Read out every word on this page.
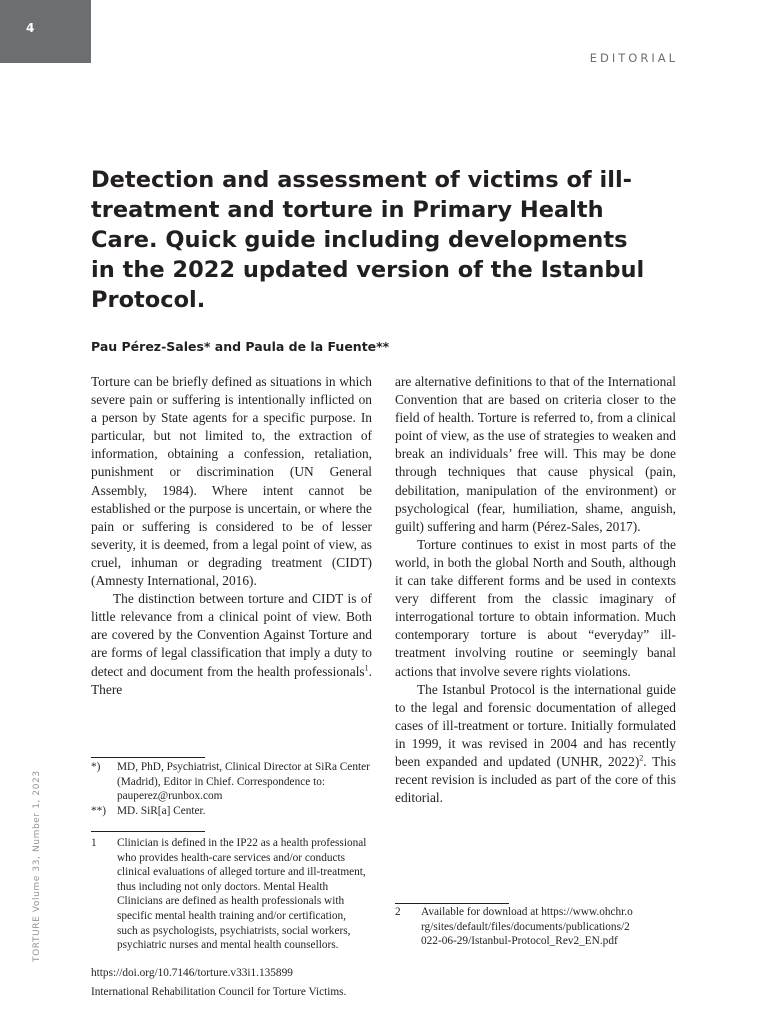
4
EDITORIAL
Detection and assessment of victims of ill-treatment and torture in Primary Health Care. Quick guide including developments in the 2022 updated version of the Istanbul Protocol.
Pau Pérez-Sales* and Paula de la Fuente**

Torture can be briefly defined as situations in which severe pain or suffering is intentionally inflicted on a person by State agents for a specific purpose. In particular, but not limited to, the extraction of information, obtaining a confession, retaliation, punishment or discrimination (UN General Assembly, 1984). Where intent cannot be established or the purpose is uncertain, or where the pain or suffering is considered to be of lesser severity, it is deemed, from a legal point of view, as cruel, inhuman or degrading treatment (CIDT) (Amnesty International, 2016).

The distinction between torture and CIDT is of little relevance from a clinical point of view. Both are covered by the Convention Against Torture and are forms of legal classification that imply a duty to detect and document from the health professionals$^1$. There

are alternative definitions to that of the International Convention that are based on criteria closer to the field of health. Torture is referred to, from a clinical point of view, as the use of strategies to weaken and break an individuals’ free will. This may be done through techniques that cause physical (pain, debilitation, manipulation of the environment) or psychological (fear, humiliation, shame, anguish, guilt) suffering and harm (Pérez-Sales, 2017).

Torture continues to exist in most parts of the world, in both the global North and South, although it can take different forms and be used in contexts very different from the classic imaginary of interrogational torture to obtain information. Much contemporary torture is about “everyday” ill-treatment involving routine or seemingly banal actions that involve severe rights violations.

The Istanbul Protocol is the international guide to the legal and forensic documentation of alleged cases of ill-treatment or torture. Initially formulated in 1999, it was revised in 2004 and has recently been expanded and updated (UNHR, 2022)$^2$. This recent revision is included as part of the core of this editorial.

*)	MD, PhD, Psychiatrist, Clinical Director at SiRa Center (Madrid), Editor in Chief. Correspondence to: pauperez@runbox.com
**) MD. SiR[a] Center.
1	Clinician is defined in the IP22 as a health professional who provides health-care services and/or conducts clinical evaluations of alleged torture and ill-treatment, thus including not only doctors. Mental Health Clinicians are defined as health professionals with specific mental health training and/or certification, such as psychologists, psychiatrists, social workers, psychiatric nurses and mental health counsellors.
2	Available for download at https://www.ohchr.org/sites/default/files/documents/publications/2022-06-29/Istanbul-Protocol_Rev2_EN.pdf
TORTURE Volume 33, Number 1, 2023
https://doi.org/10.7146/torture.v33i1.135899
International Rehabilitation Council for Torture Victims.
